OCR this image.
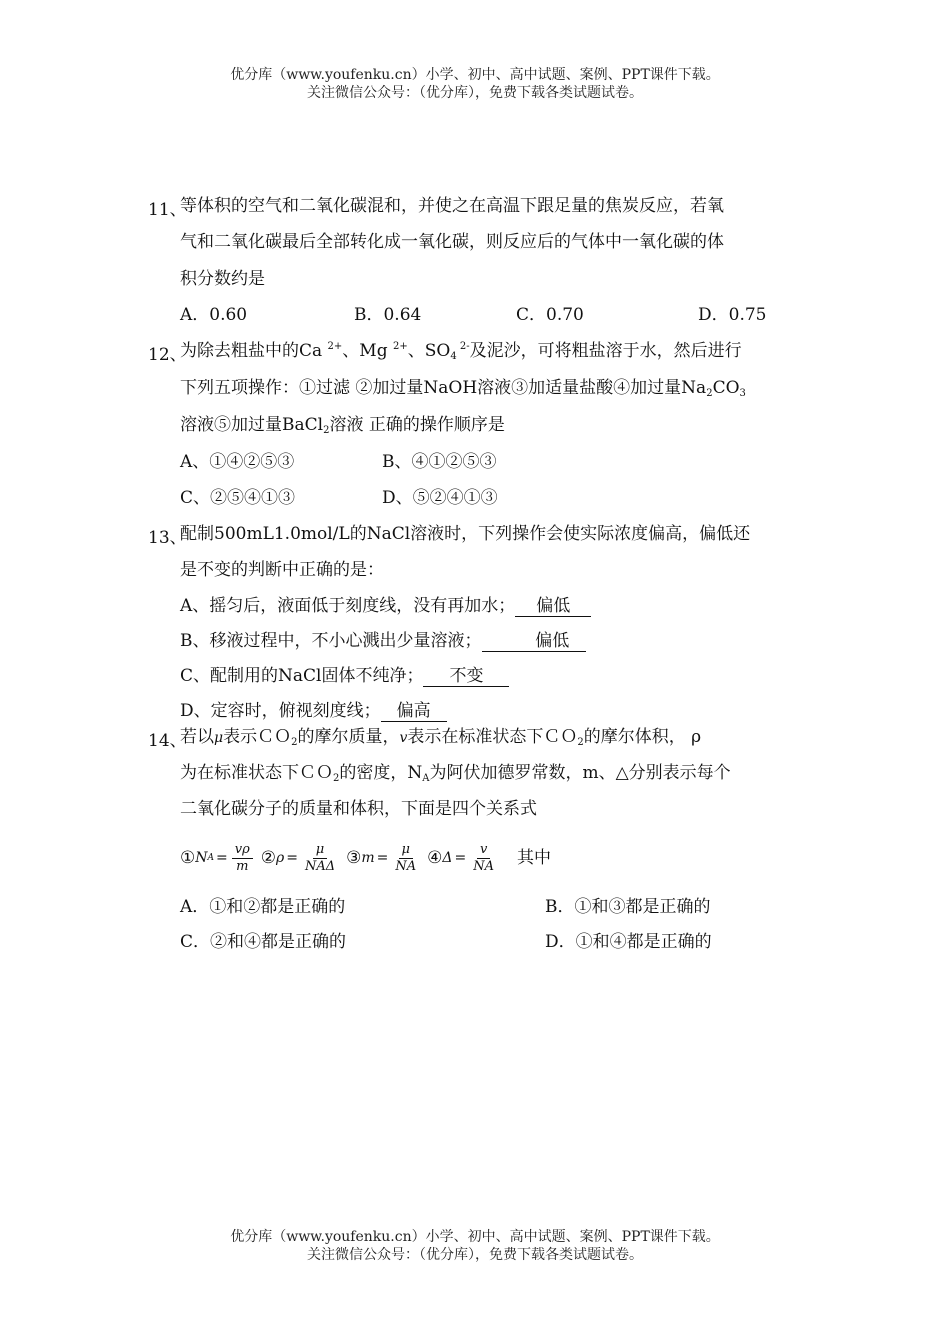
优分库（www.youfenku.cn）小学、初中、高中试题、案例、PPT课件下载。
关注微信公众号：（优分库），免费下载各类试题试卷。
11、
等体积的空气和二氧化碳混和，并使之在高温下跟足量的焦炭反应，若氧
气和二氧化碳最后全部转化成一氧化碳，则反应后的气体中一氧化碳的体
积分数约是
A．0.60	B．0.64	C．0.70	D．0.75
12、
为除去粗盐中的Ca $^{2+}$、Mg $^{2+}$、$SO_4$ $^{2-}$及泥沙，可将粗盐溶于水，然后进行
下列五项操作：①过滤 ②加过量NaOH溶液③加适量盐酸④加过量$Na_2CO_3$
溶液⑤加过量BaCl$_2$溶液 正确的操作顺序是
A、①④②⑤③	B、④①②⑤③
C、②⑤④①③	D、⑤②④①③
13、
配制500mL1.0mol/L的NaCl溶液时，下列操作会使实际浓度偏高，偏低还
是不变的判断中正确的是：
A、摇匀后，液面低于刻度线，没有再加水； 偏低
B、移液过程中，不小心溅出少量溶液；	偏低
C、配制用的NaCl固体不纯净； 不变
D、定容时，俯视刻度线； 偏高
14、
若以μ表示ＣＯ$_2$的摩尔质量，v表示在标准状态下ＣＯ$_2$的摩尔体积， ρ
为在标准状态下ＣＯ$_2$的密度，$N_A$为阿伏加德罗常数，m、△分别表示每个
二氧化碳分子的质量和体积，下面是四个关系式
① N $A = \frac{v\rho}{m}$ ② $\rho = \frac{\mu}{\text{NAΔ}}$ ③ $m = \frac{\mu}{NA}$ ④ $\Delta = \frac{v}{NA}$ 其中
A．①和②都是正确的	B．①和③都是正确的
C．②和④都是正确的	D．①和④都是正确的
优分库（www.youfenku.cn）小学、初中、高中试题、案例、PPT课件下载。
关注微信公众号：（优分库），免费下载各类试题试卷。
